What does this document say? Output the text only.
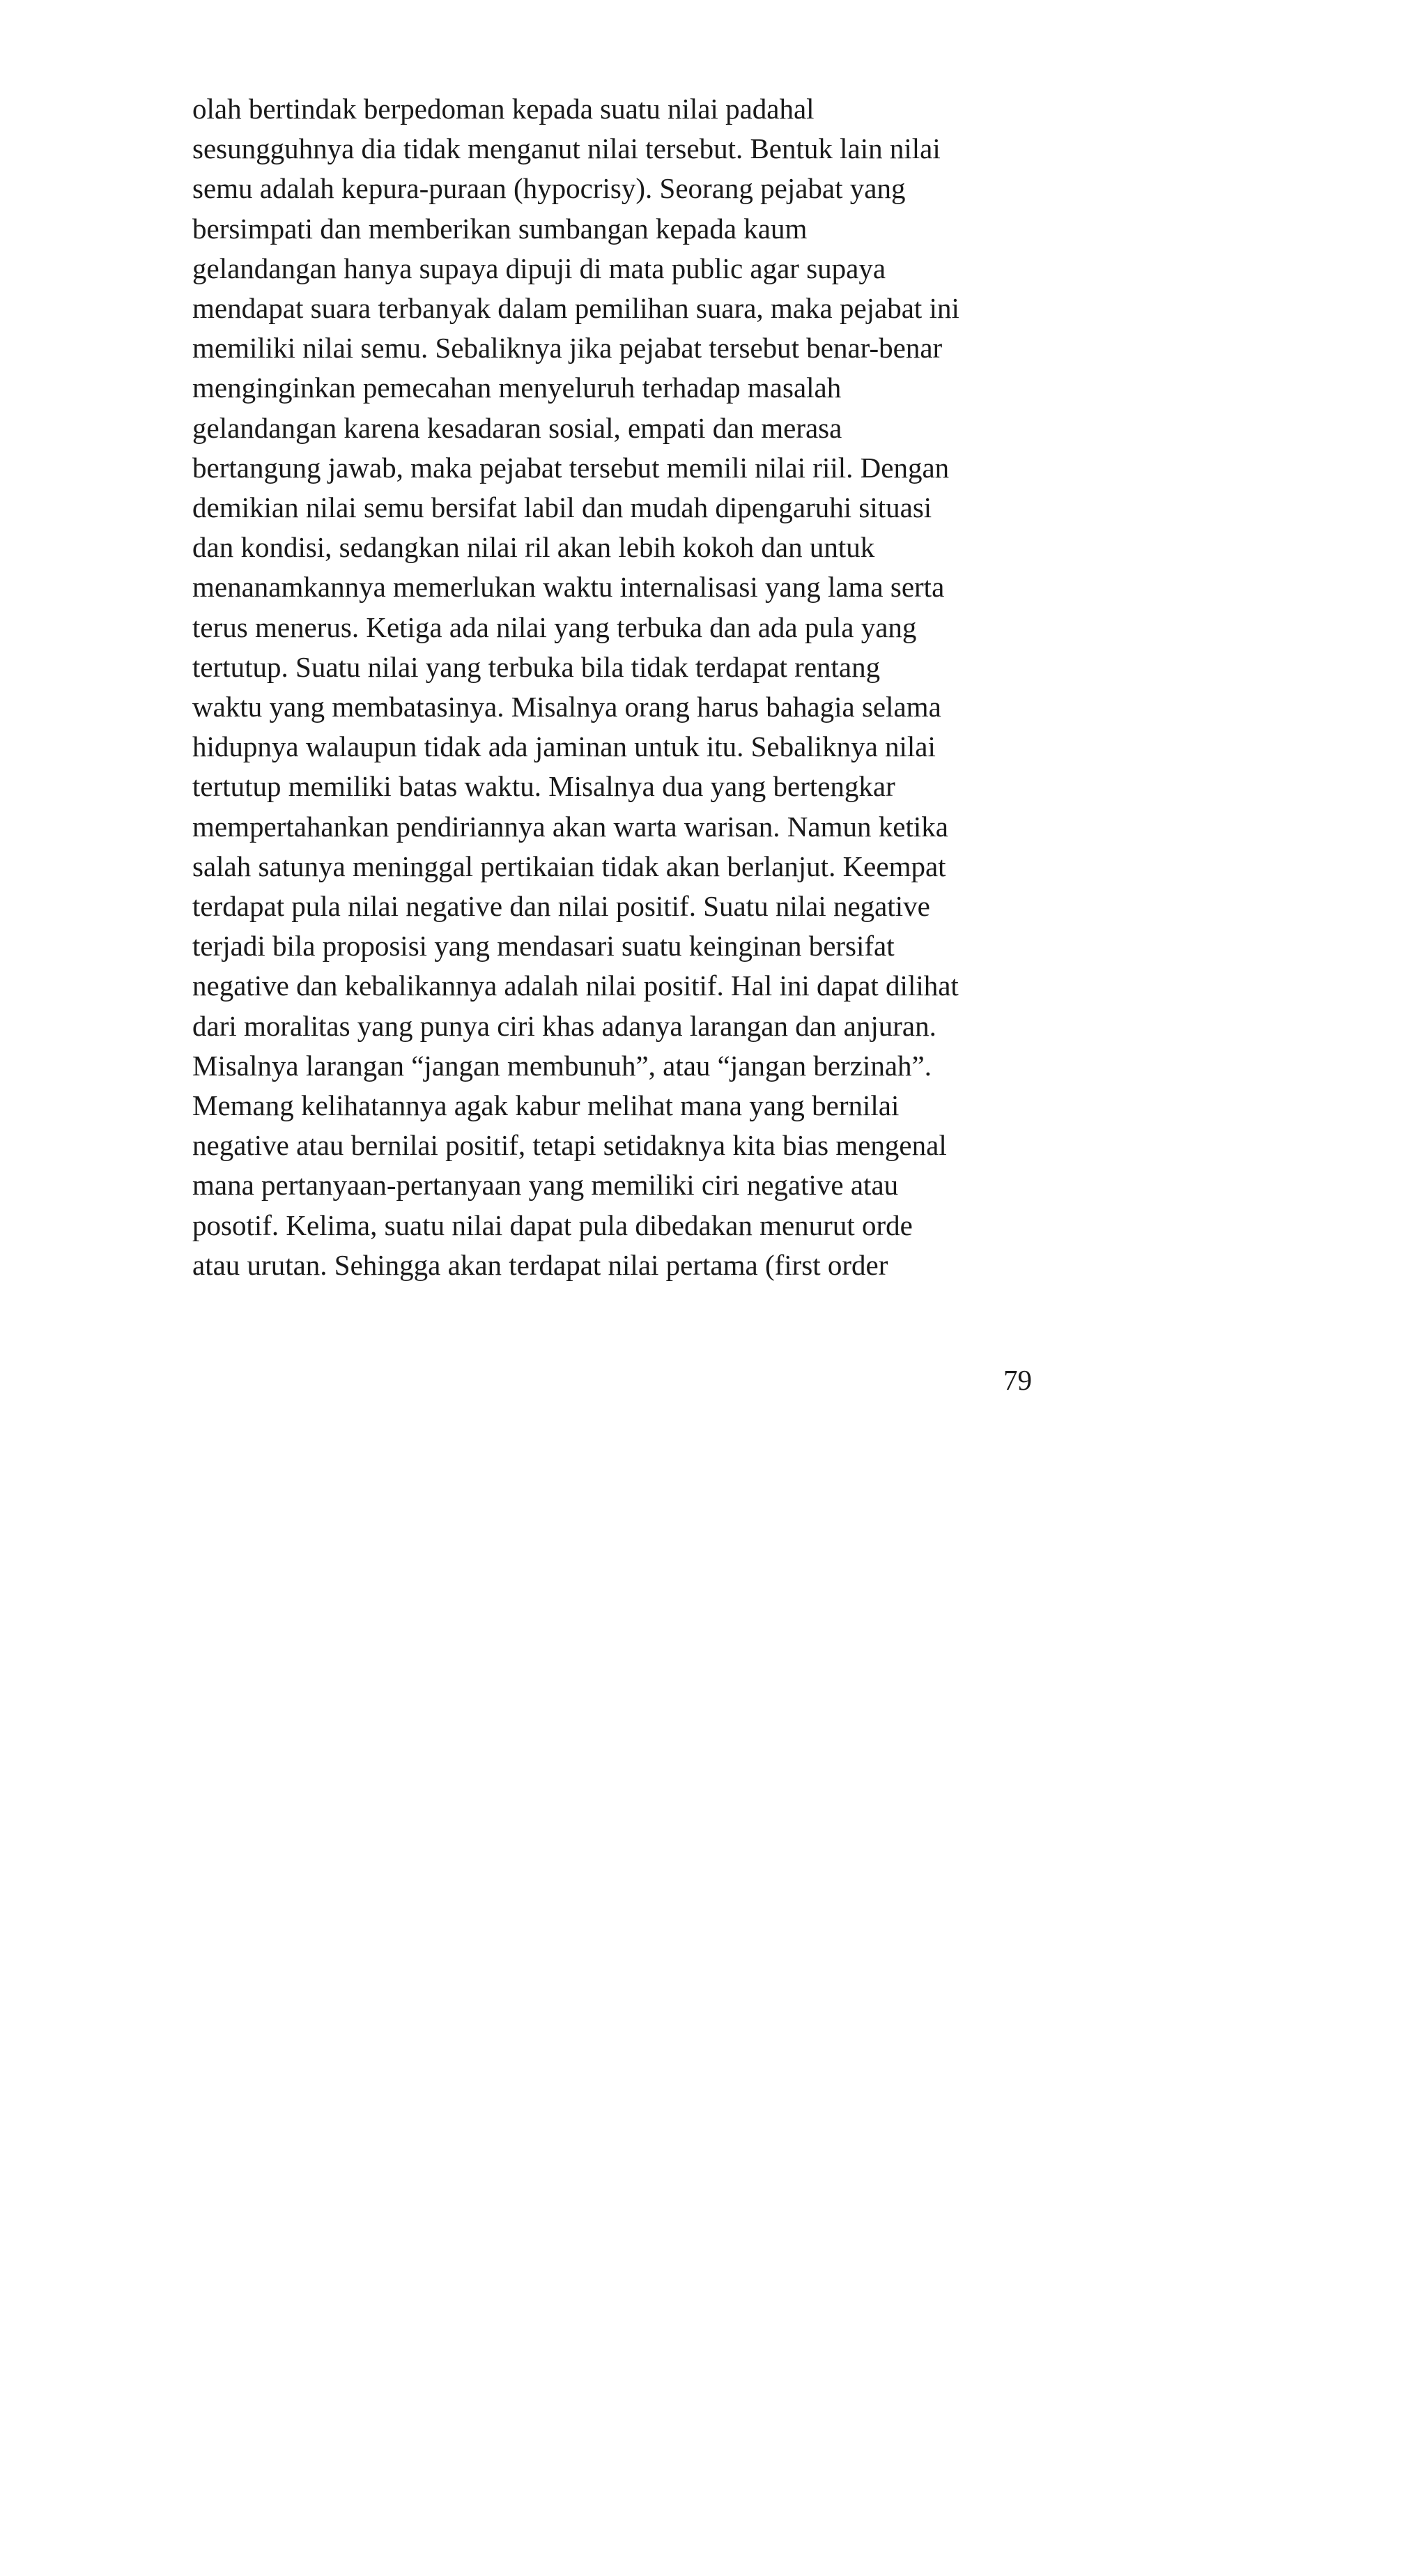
olah bertindak berpedoman kepada suatu nilai padahal
sesungguhnya dia tidak menganut nilai tersebut. Bentuk lain nilai
semu adalah kepura-puraan (hypocrisy). Seorang pejabat yang
bersimpati dan memberikan sumbangan kepada kaum
gelandangan hanya supaya dipuji di mata public agar supaya
mendapat suara terbanyak dalam pemilihan suara, maka pejabat ini
memiliki nilai semu. Sebaliknya jika pejabat tersebut benar-benar
menginginkan pemecahan menyeluruh terhadap masalah
gelandangan karena kesadaran sosial, empati dan merasa
bertangung jawab, maka pejabat tersebut memili nilai riil. Dengan
demikian nilai semu bersifat labil dan mudah dipengaruhi situasi
dan kondisi, sedangkan nilai ril akan lebih kokoh dan untuk
menanamkannya memerlukan waktu internalisasi yang lama serta
terus menerus. Ketiga ada nilai yang terbuka dan ada pula yang
tertutup. Suatu nilai yang terbuka bila tidak terdapat rentang
waktu yang membatasinya. Misalnya orang harus bahagia selama
hidupnya walaupun tidak ada jaminan untuk itu. Sebaliknya nilai
tertutup memiliki batas waktu. Misalnya dua yang bertengkar
mempertahankan pendiriannya akan warta warisan. Namun ketika
salah satunya meninggal pertikaian tidak akan berlanjut. Keempat
terdapat pula nilai negative dan nilai positif. Suatu nilai negative
terjadi bila proposisi yang mendasari suatu keinginan bersifat
negative dan kebalikannya adalah nilai positif. Hal ini dapat dilihat
dari moralitas yang punya ciri khas adanya larangan dan anjuran.
Misalnya larangan “jangan membunuh”, atau “jangan berzinah”.
Memang kelihatannya agak kabur melihat mana yang bernilai
negative atau bernilai positif, tetapi setidaknya kita bias mengenal
mana pertanyaan-pertanyaan yang memiliki ciri negative atau
posotif. Kelima, suatu nilai dapat pula dibedakan menurut orde
atau urutan. Sehingga akan terdapat nilai pertama (first order
79
